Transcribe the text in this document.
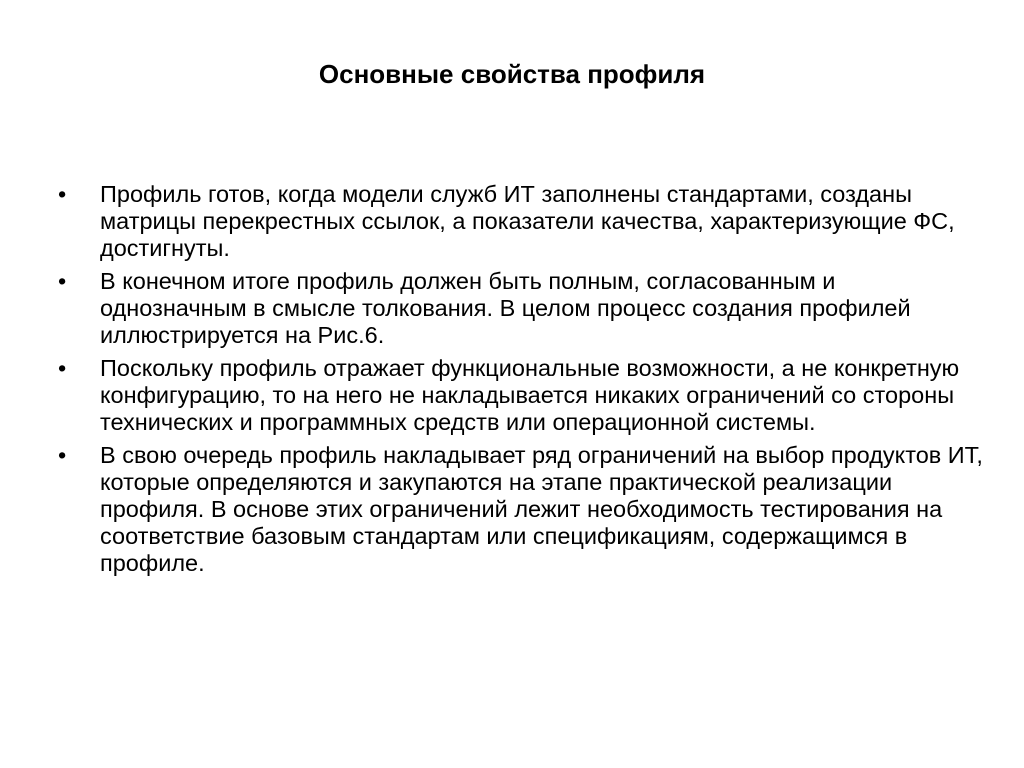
Основные свойства профиля
•	Профиль готов, когда модели служб ИТ заполнены стандартами, созданы матрицы перекрестных ссылок, а показатели качества, характеризующие ФС, достигнуты.
•	В конечном итоге профиль должен быть полным, согласованным и однозначным в смысле толкования. В целом процесс создания профилей иллюстрируется на Рис.6.
•	Поскольку профиль отражает функциональные возможности, а не конкретную конфигурацию, то на него не накладывается никаких ограничений со стороны технических и программных средств или операционной системы.
•	В свою очередь профиль накладывает ряд ограничений на выбор продуктов ИТ, которые определяются и закупаются на этапе практической реализации профиля. В основе этих ограничений лежит необходимость тестирования на соответствие базовым стандартам или спецификациям, содержащимся в профиле.
